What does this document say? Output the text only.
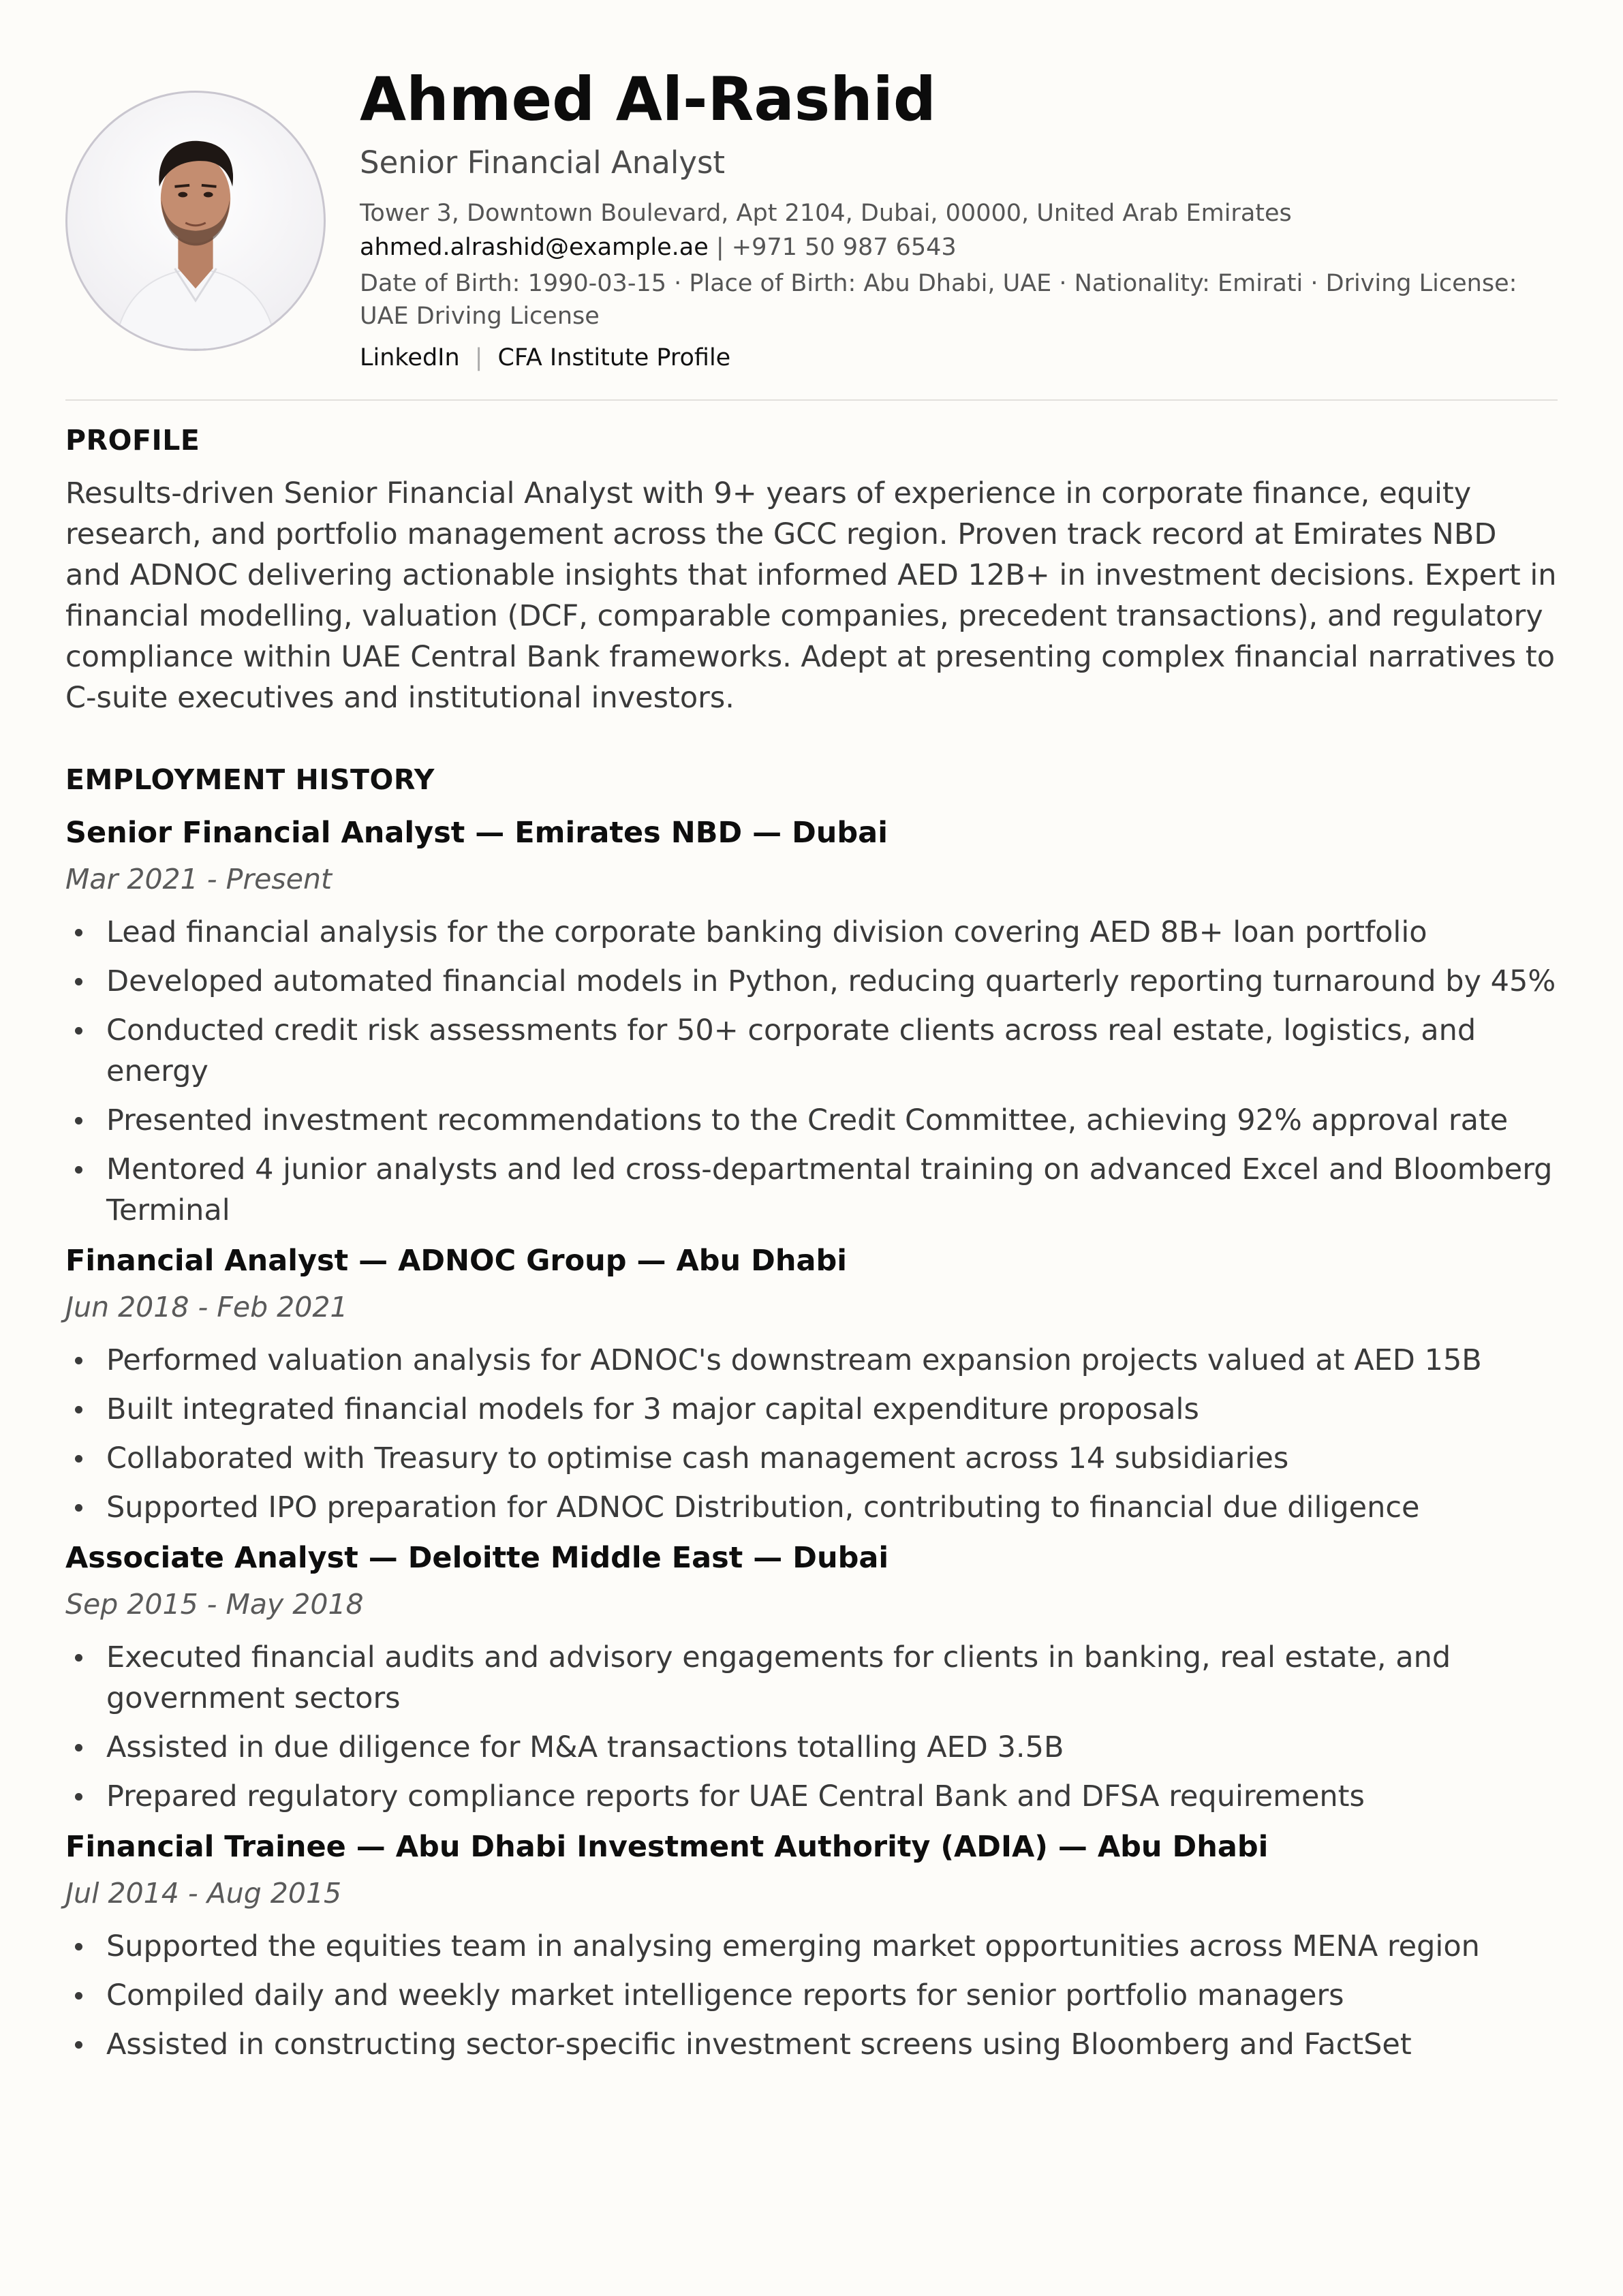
Ahmed Al-Rashid
Senior Financial Analyst
Tower 3, Downtown Boulevard, Apt 2104, Dubai, 00000, United Arab Emirates
ahmed.alrashid@example.ae | +971 50 987 6543
Date of Birth: 1990-03-15 · Place of Birth: Abu Dhabi, UAE · Nationality: Emirati · Driving License: UAE Driving License
LinkedIn | CFA Institute Profile
PROFILE
Results-driven Senior Financial Analyst with 9+ years of experience in corporate finance, equity research, and portfolio management across the GCC region. Proven track record at Emirates NBD and ADNOC delivering actionable insights that informed AED 12B+ in investment decisions. Expert in financial modelling, valuation (DCF, comparable companies, precedent transactions), and regulatory compliance within UAE Central Bank frameworks. Adept at presenting complex financial narratives to C-suite executives and institutional investors.
EMPLOYMENT HISTORY
Senior Financial Analyst — Emirates NBD — Dubai
Mar 2021 - Present
Lead financial analysis for the corporate banking division covering AED 8B+ loan portfolio
Developed automated financial models in Python, reducing quarterly reporting turnaround by 45%
Conducted credit risk assessments for 50+ corporate clients across real estate, logistics, and energy
Presented investment recommendations to the Credit Committee, achieving 92% approval rate
Mentored 4 junior analysts and led cross-departmental training on advanced Excel and Bloomberg Terminal
Financial Analyst — ADNOC Group — Abu Dhabi
Jun 2018 - Feb 2021
Performed valuation analysis for ADNOC's downstream expansion projects valued at AED 15B
Built integrated financial models for 3 major capital expenditure proposals
Collaborated with Treasury to optimise cash management across 14 subsidiaries
Supported IPO preparation for ADNOC Distribution, contributing to financial due diligence
Associate Analyst — Deloitte Middle East — Dubai
Sep 2015 - May 2018
Executed financial audits and advisory engagements for clients in banking, real estate, and government sectors
Assisted in due diligence for M&A transactions totalling AED 3.5B
Prepared regulatory compliance reports for UAE Central Bank and DFSA requirements
Financial Trainee — Abu Dhabi Investment Authority (ADIA) — Abu Dhabi
Jul 2014 - Aug 2015
Supported the equities team in analysing emerging market opportunities across MENA region
Compiled daily and weekly market intelligence reports for senior portfolio managers
Assisted in constructing sector-specific investment screens using Bloomberg and FactSet
